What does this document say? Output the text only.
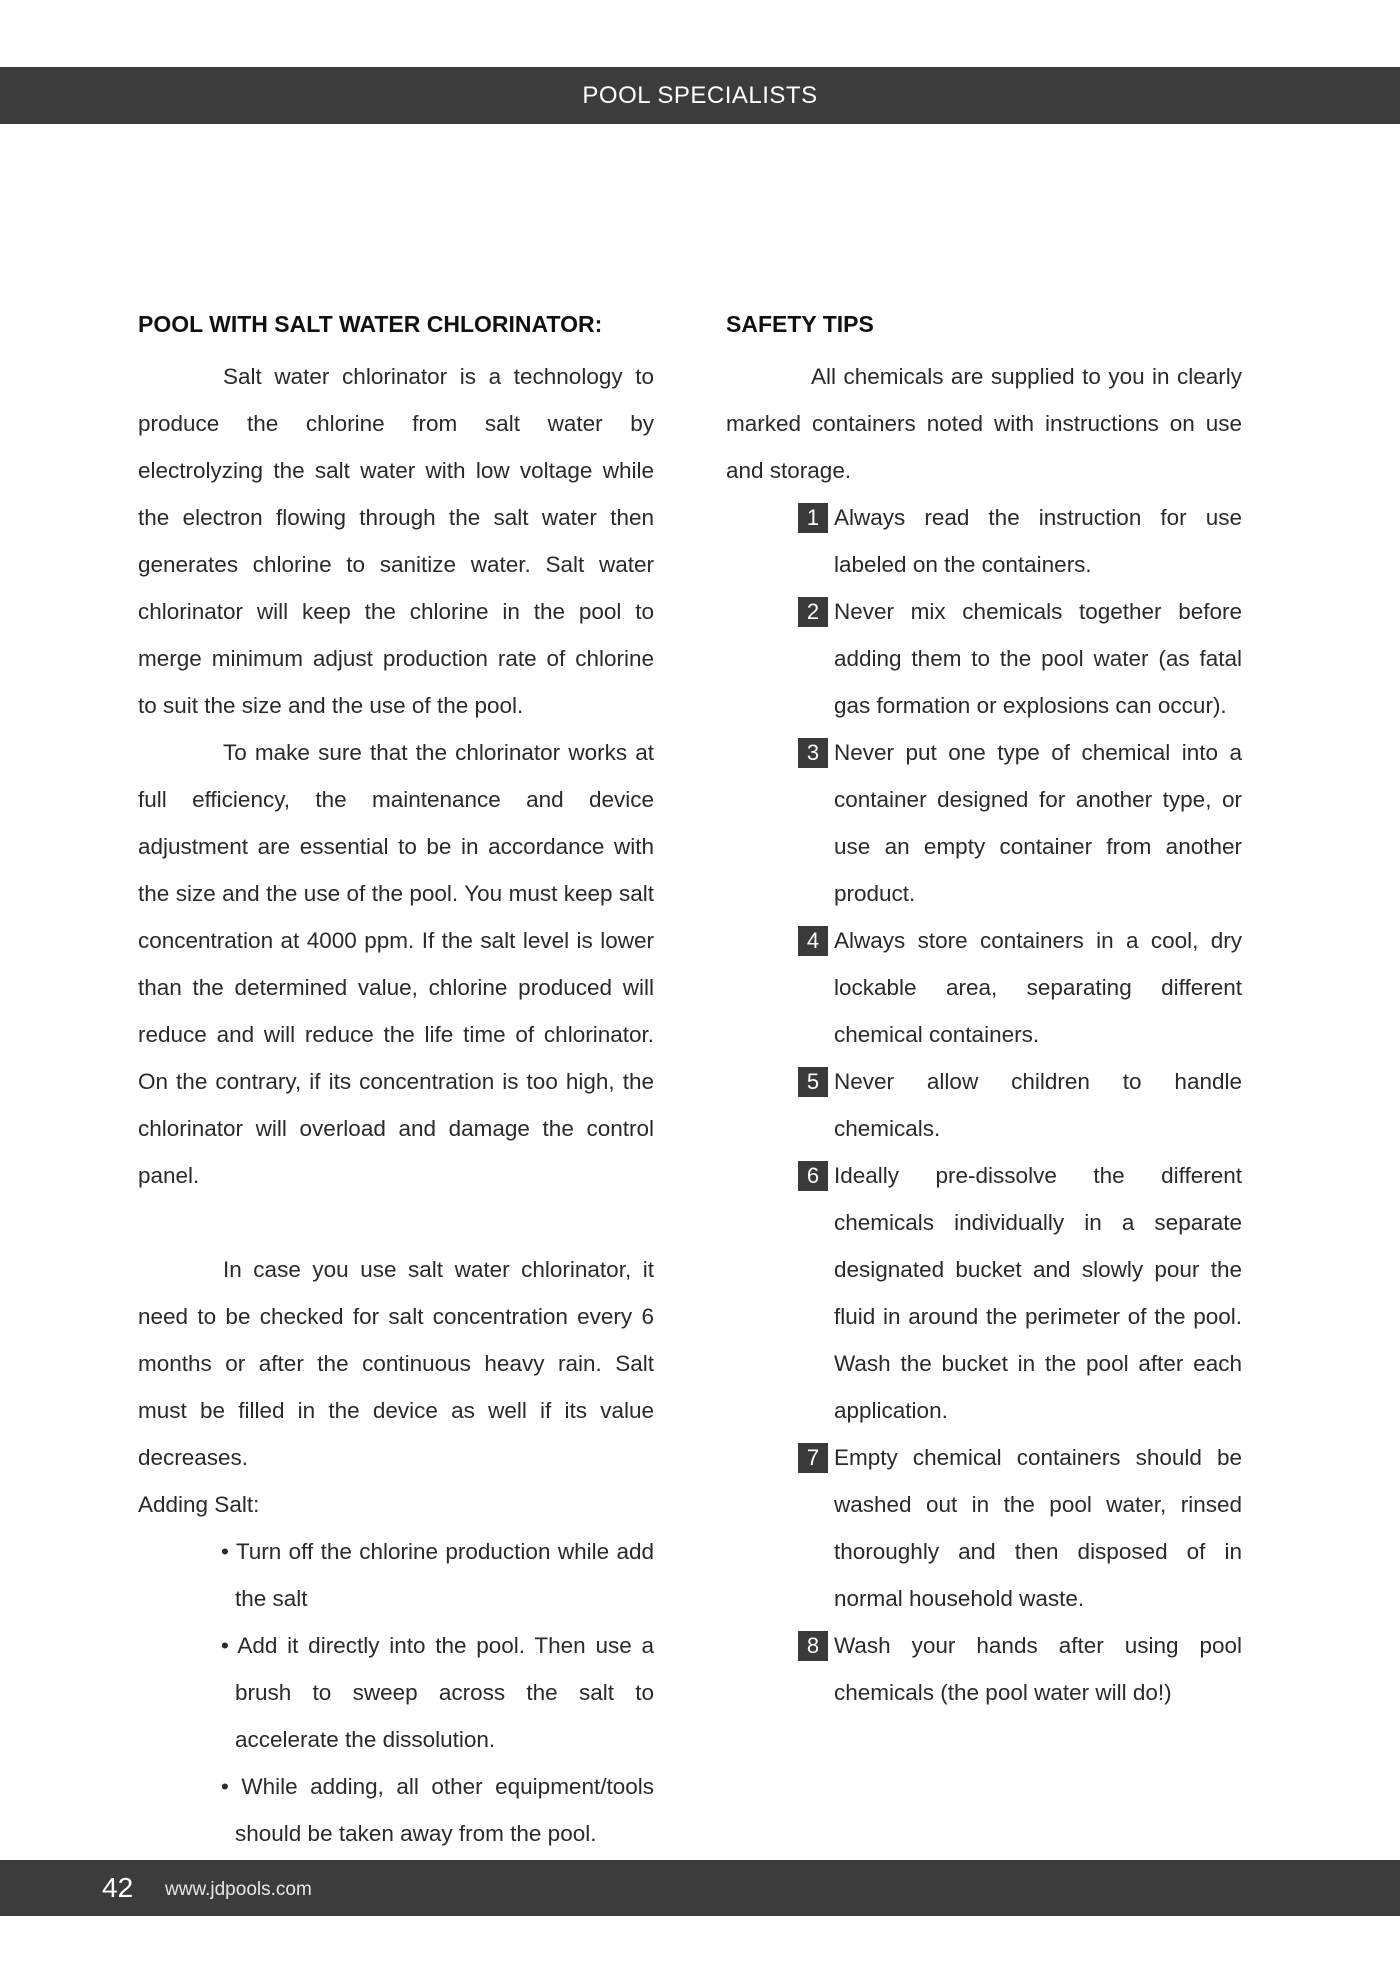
POOL SPECIALISTS
POOL WITH SALT WATER CHLORINATOR:

Salt water chlorinator is a technology to produce the chlorine from salt water by electrolyzing the salt water with low voltage while the electron flowing through the salt water then generates chlorine to sanitize water. Salt water chlorinator will keep the chlorine in the pool to merge minimum adjust production rate of chlorine to suit the size and the use of the pool.

To make sure that the chlorinator works at full efficiency, the maintenance and device adjustment are essential to be in accordance with the size and the use of the pool. You must keep salt concentration at 4000 ppm. If the salt level is lower than the determined value, chlorine produced will reduce and will reduce the life time of chlorinator. On the contrary, if its concentration is too high, the chlorinator will overload and damage the control panel.

In case you use salt water chlorinator, it need to be checked for salt concentration every 6 months or after the continuous heavy rain. Salt must be filled in the device as well if its value decreases.

Adding Salt:

• Turn off the chlorine production while add the salt
• Add it directly into the pool. Then use a brush to sweep across the salt to accelerate the dissolution.
• While adding, all other equipment/tools should be taken away from the pool.
SAFETY TIPS

All chemicals are supplied to you in clearly marked containers noted with instructions on use and storage.

1 Always read the instruction for use labeled on the containers.
2 Never mix chemicals together before adding them to the pool water (as fatal gas formation or explosions can occur).
3 Never put one type of chemical into a container designed for another type, or use an empty container from another product.
4 Always store containers in a cool, dry lockable area, separating different chemical containers.
5 Never allow children to handle chemicals.
6 Ideally pre-dissolve the different chemicals individually in a separate designated bucket and slowly pour the fluid in around the perimeter of the pool. Wash the bucket in the pool after each application.
7 Empty chemical containers should be washed out in the pool water, rinsed thoroughly and then disposed of in normal household waste.
8 Wash your hands after using pool chemicals (the pool water will do!)
42 www.jdpools.com
